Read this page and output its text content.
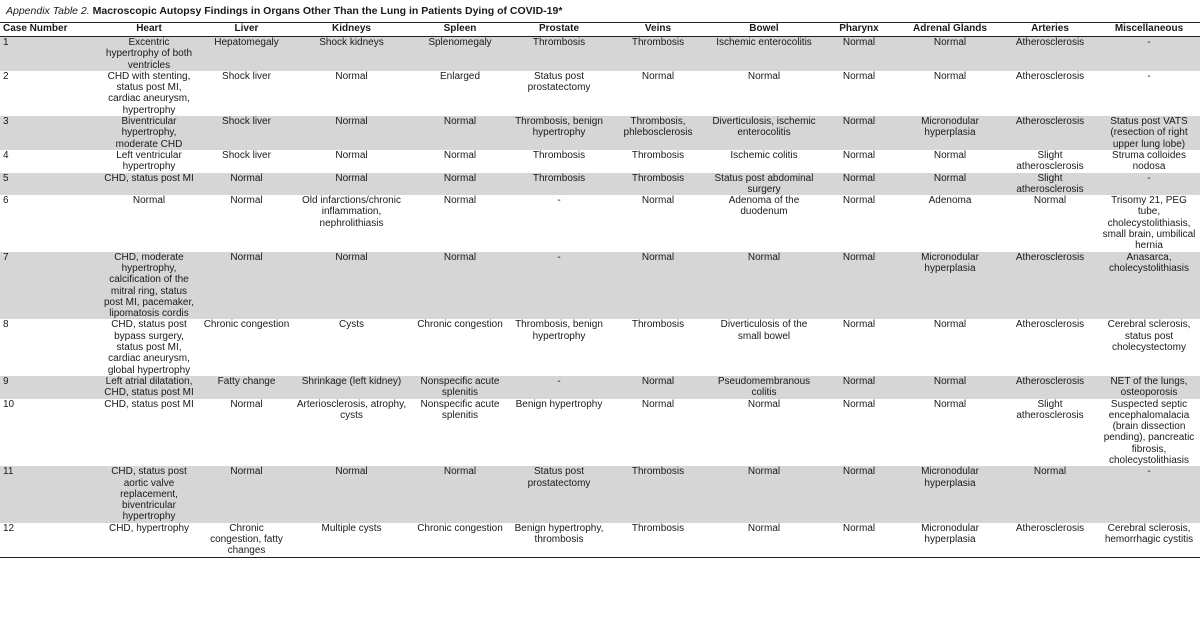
Appendix Table 2. Macroscopic Autopsy Findings in Organs Other Than the Lung in Patients Dying of COVID-19*
Case Number	Heart	Liver	Kidneys	Spleen	Prostate	Veins	Bowel	Pharynx	Adrenal Glands	Arteries	Miscellaneous
1	Excentric hypertrophy of both ventricles	Hepatomegaly	Shock kidneys	Splenomegaly	Thrombosis	Thrombosis	Ischemic enterocolitis	Normal	Normal	Atherosclerosis	-
2	CHD with stenting, status post MI, cardiac aneurysm, hypertrophy	Shock liver	Normal	Enlarged	Status post prostatectomy	Normal	Normal	Normal	Normal	Atherosclerosis	-
3	Biventricular hypertrophy, moderate CHD	Shock liver	Normal	Normal	Thrombosis, benign hypertrophy	Thrombosis, phlebosclerosis	Diverticulosis, ischemic enterocolitis	Normal	Micronodular hyperplasia	Atherosclerosis	Status post VATS (resection of right upper lung lobe)
4	Left ventricular hypertrophy	Shock liver	Normal	Normal	Thrombosis	Thrombosis	Ischemic colitis	Normal	Normal	Slight atherosclerosis	Struma colloides nodosa
5	CHD, status post MI	Normal	Normal	Normal	Thrombosis	Thrombosis	Status post abdominal surgery	Normal	Normal	Slight atherosclerosis	-
6	Normal	Normal	Old infarctions/chronic inflammation, nephrolithiasis	Normal	-	Normal	Adenoma of the duodenum	Normal	Adenoma	Normal	Trisomy 21, PEG tube, cholecystolithiasis, small brain, umbilical hernia
7	CHD, moderate hypertrophy, calcification of the mitral ring, status post MI, pacemaker, lipomatosis cordis	Normal	Normal	Normal	-	Normal	Normal	Normal	Micronodular hyperplasia	Atherosclerosis	Anasarca, cholecystolithiasis
8	CHD, status post bypass surgery, status post MI, cardiac aneurysm, global hypertrophy	Chronic congestion	Cysts	Chronic congestion	Thrombosis, benign hypertrophy	Thrombosis	Diverticulosis of the small bowel	Normal	Normal	Atherosclerosis	Cerebral sclerosis, status post cholecystectomy
9	Left atrial dilatation, CHD, status post MI	Fatty change	Shrinkage (left kidney)	Nonspecific acute splenitis	-	Normal	Pseudomembranous colitis	Normal	Normal	Atherosclerosis	NET of the lungs, osteoporosis
10	CHD, status post MI	Normal	Arteriosclerosis, atrophy, cysts	Nonspecific acute splenitis	Benign hypertrophy	Normal	Normal	Normal	Normal	Slight atherosclerosis	Suspected septic encephalomalacia (brain dissection pending), pancreatic fibrosis, cholecystolithiasis
11	CHD, status post aortic valve replacement, biventricular hypertrophy	Normal	Normal	Normal	Status post prostatectomy	Thrombosis	Normal	Normal	Micronodular hyperplasia	Normal	-
12	CHD, hypertrophy	Chronic congestion, fatty changes	Multiple cysts	Chronic congestion	Benign hypertrophy, thrombosis	Thrombosis	Normal	Normal	Micronodular hyperplasia	Atherosclerosis	Cerebral sclerosis, hemorrhagic cystitis
